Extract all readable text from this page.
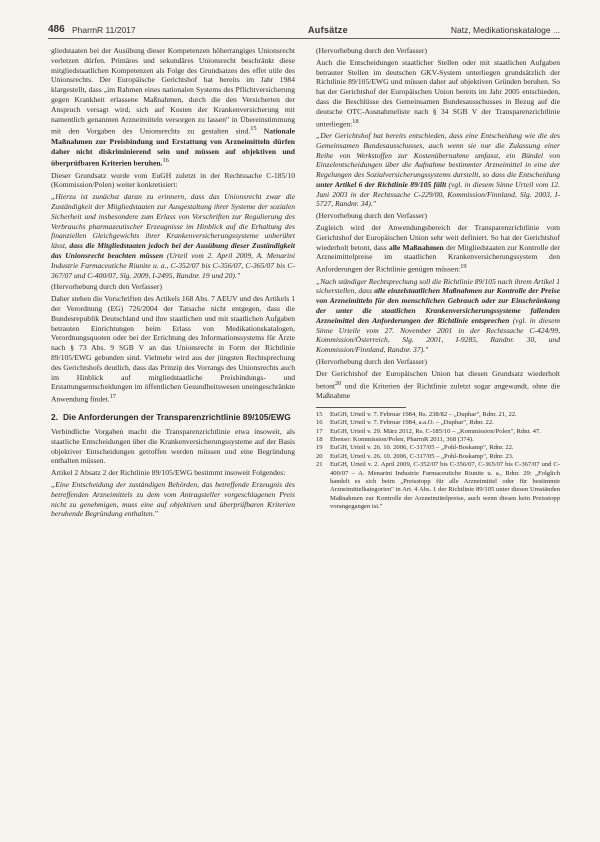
486 PharmR 11/2017	Aufsätze	Natz, Medikationskataloge ...

gliedstaaten bei der Ausübung dieser Kompetenzen höherrangiges Unionsrecht verletzen dürfen. Primäres und sekundäres Unionsrecht beschränkt diese mitgliedstaatlichen Kompetenzen als Folge des Grundsatzes des effet utile des Unionsrechts. Der Europäische Gerichtshof hat bereits im Jahr 1984 klargestellt, dass „im Rahmen eines nationalen Systems des Pflichtversicherung gegen Krankheit erlassene Maßnahmen, durch die den Versicherten der Anspruch versagt wird, sich auf Kosten der Krankenversicherung mit namentlich genannten Arzneimitteln versorgen zu lassen" in Übereinstimmung mit den Vorgaben des Unionsrechts zu gestalten sind.$^{15}$ Nationale Maßnahmen zur Preisbindung und Erstattung von Arzneimitteln dürfen daher nicht diskriminierend sein und müssen auf objektiven und überprüfbaren Kriterien beruhen.$^{16}$

Dieser Grundsatz wurde vom EuGH zuletzt in der Rechtssache C-185/10 (Kommission/Polen) weiter konkretisiert:

„Hierzu ist zunächst daran zu erinnern, dass das Unionsrecht zwar die Zuständigkeit der Mitgliedstaaten zur Ausgestaltung ihrer Systeme der sozialen Sicherheit und insbesondere zum Erlass von Vorschriften zur Regulierung des Verbrauchs pharmazeutischer Erzeugnisse im Hinblick auf die Erhaltung des finanziellen Gleichgewichts ihrer Krankenversicherungssysteme unberührt lässt, dass die Mitgliedstaaten jedoch bei der Ausübung dieser Zuständigkeit das Unionsrecht beachten müssen (Urteil vom 2. April 2009, A. Menarini Industrie Farmaceutiche Riunite u. a., C-352/07 bis C-356/07, C-365/07 bis C-367/07 und C-400/07, Slg. 2009, I-2495, Randnr. 19 und 20)."

(Hervorhebung durch den Verfasser)

Daher stehen die Vorschriften des Artikels 168 Abs. 7 AEUV und des Artikels 1 der Verordnung (EG) 726/2004 der Tatsache nicht entgegen, dass die Bundesrepublik Deutschland und ihre staatlichen und mit staatlichen Aufgaben betrauten Einrichtungen beim Erlass von Medikationskatalogen, Verordnungsquoten oder bei der Errichtung des Informationssystems für Ärzte nach § 73 Abs. 9 SGB V an das Unionsrecht in Form der Richtlinie 89/105/EWG gebunden sind. Vielmehr wird aus der jüngsten Rechtsprechung des Gerichtshofs deutlich, dass das Prinzip des Vorrangs des Unionsrechts auch im Hinblick auf mitgliedstaatliche Preisbindungs- und Erstattungsentscheidungen im öffentlichen Gesundheitswesen uneingeschränkte Anwendung findet.$^{17}$

2. Die Anforderungen der Transparenzrichtlinie 89/105/EWG

Verbindliche Vorgaben macht die Transparenzrichtlinie etwa insoweit, als staatliche Entscheidungen über die Krankenversicherungssysteme auf der Basis objektiver Entscheidungen getroffen werden müssen und eine Begründung enthalten müssen.

Artikel 2 Absatz 2 der Richtlinie 89/105/EWG bestimmt insoweit Folgendes:

„Eine Entscheidung der zuständigen Behörden, das betreffende Erzeugnis des betreffenden Arzneimittels zu dem vom Antragsteller vorgeschlagenen Preis nicht zu genehmigen, muss eine auf objektiven und überprüfbaren Kriterien beruhende Begründung enthalten."

(Hervorhebung durch den Verfasser)

Auch die Entscheidungen staatlicher Stellen oder mit staatlichen Aufgaben betrauter Stellen im deutschen GKV-System unterliegen grundsätzlich der Richtlinie 89/105/EWG und müssen daher auf objektiven Gründen beruhen. So hat der Gerichtshof der Europäischen Union bereits im Jahr 2005 entschieden, dass die Beschlüsse des Gemeinsamen Bundesausschusses in Bezug auf die deutsche OTC-Ausnahmeliste nach § 34 SGB V der Transparenzrichtlinie unterliegen:$^{18}$

„Der Gerichtshof hat bereits entschieden, dass eine Entscheidung wie die des Gemeinsamen Bundesausschusses, auch wenn sie nur die Zulassung einer Reihe von Werkstoffen zur Kostenübernahme umfasst, ein Bündel von Einzelentscheidungen über die Aufnahme bestimmter Arzneimittel in eine der Regelungen des Sozialversicherungssystems darstellt, so dass die Entscheidung unter Artikel 6 der Richtlinie 89/105 fällt (vgl. in diesem Sinne Urteil vom 12. Juni 2003 in der Rechtssache C-229/00, Kommission/Finnland, Slg. 2003, I-5727, Randnr. 34)."

(Hervorhebung durch den Verfasser)

Zugleich wird der Anwendungsbereich der Transparenzrichtlinie vom Gerichtshof der Europäischen Union sehr weit definiert. So hat der Gerichtshof wiederholt betont, dass alle Maßnahmen der Mitgliedstaaten zur Kontrolle der Arzneimittelpreise im staatlichen Krankenversicherungssystem den Anforderungen der Richtlinie genügen müssen:$^{19}$

„Nach ständiger Rechtsprechung soll die Richtlinie 89/105 nach ihrem Artikel 1 sicherstellen, dass alle einzelstaatlichen Maßnahmen zur Kontrolle der Preise von Arzneimitteln für den menschlichen Gebrauch oder zur Einschränkung der unter die staatlichen Krankenversicherungssysteme fallenden Arzneimittel den Anforderungen der Richtlinie entsprechen (vgl. in diesem Sinne Urteile vom 27. November 2001 in der Rechtssache C-424/99, Kommission/Österreich, Slg. 2001, I-9285, Randnr. 30, und Kommission/Finnland, Randnr. 37)."

(Hervorhebung durch den Verfasser)

Der Gerichtshof der Europäischen Union hat diesen Grundsatz wiederholt betont$^{20}$ und die Kriterien der Richtlinie zuletzt sogar angewandt, ohne die Maßnahme

15	EuGH, Urteil v. 7. Februar 1984, Rs. 238/82 – „Duphar", Rdnr. 21, 22.
16	EuGH, Urteil v. 7. Februar 1984, a.a.O. – „Duphar", Rdnr. 22.
17	EuGH, Urteil v. 29. März 2012, Rs. C-185/10 – „Kommission/Polen", Rdnr. 47.
18	Ebenso: Kommission/Polen, PharmR 2011, 368 (374).
19	EuGH, Urteil v. 26. 10. 2006, C-317/05 – „Pohl-Boskamp", Rdnr. 22.
20	EuGH, Urteil v. 26. 10. 2006, C-317/05 – „Pohl-Boskamp", Rdnr. 23.
21	EuGH, Urteil v. 2. April 2009, C-352/07 bis C-356/07, C-365/07 bis C-367/07 und C-400/07 – A. Menarini Industrie Farmaceutiche Riunite u. a., Rdnr. 29: „Folglich handelt es sich beim „Preisstopp für alle Arzneimittel oder für bestimmte Arzneimittelkategorien" in Art. 4 Abs. 1 der Richtlinie 89/105 unter diesen Umständen Maßnahmen zur Kontrolle der Arzneimittelpreise, auch wenn diesen kein Preisstopp vorangegangen ist."
